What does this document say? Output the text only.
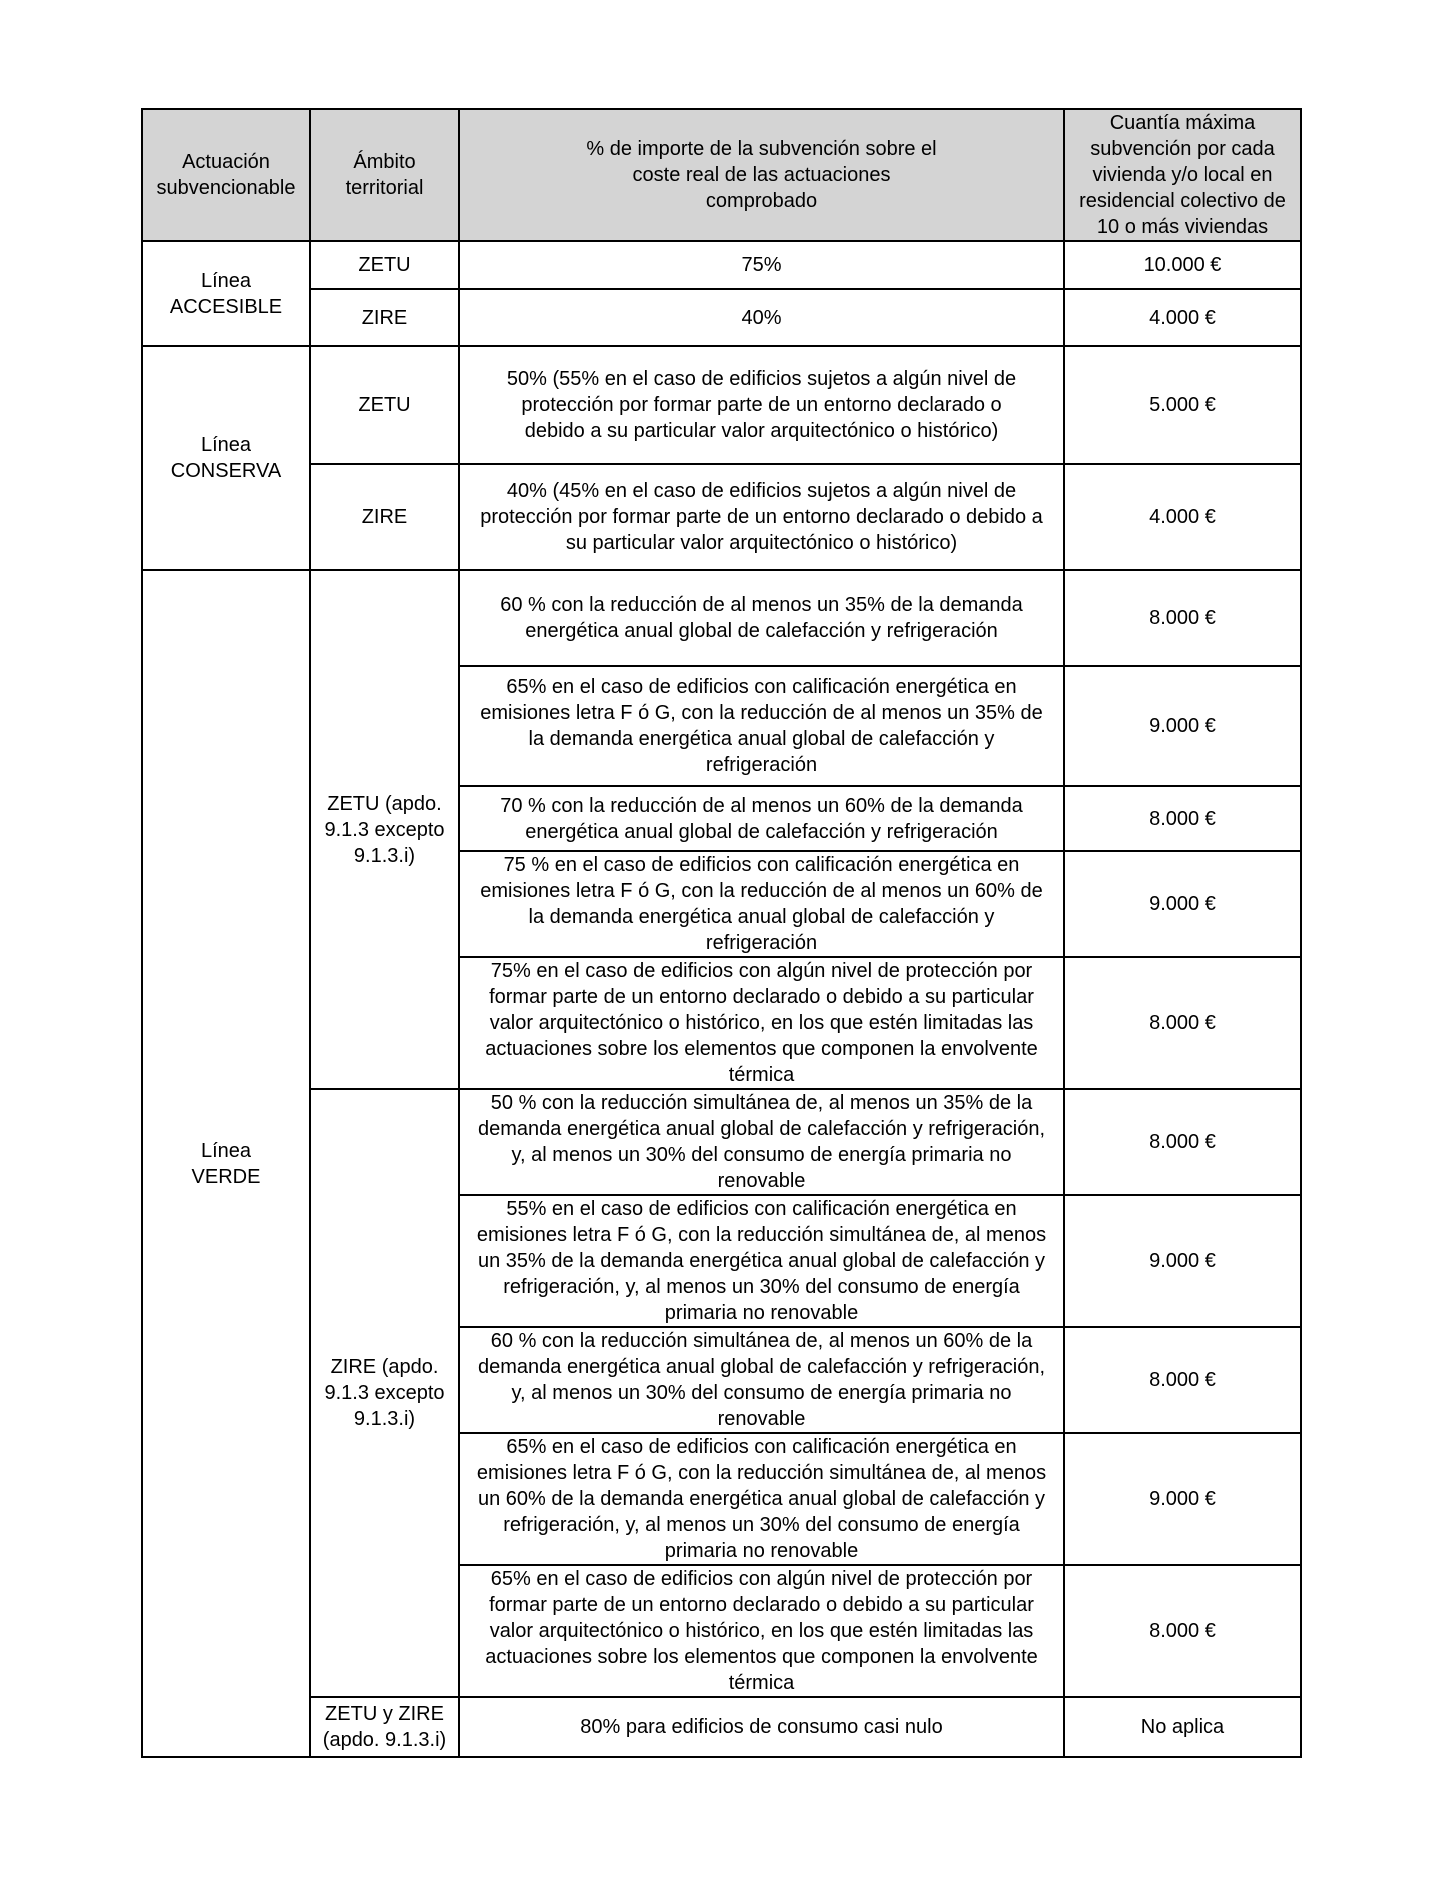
Actuación subvencionable	Ámbito territorial	% de importe de la subvención sobre el coste real de las actuaciones comprobado	Cuantía máxima subvención por cada vivienda y/o local en residencial colectivo de 10 o más viviendas
Línea ACCESIBLE	ZETU	75%	10.000 €
	ZIRE	40%	4.000 €
Línea CONSERVA	ZETU	50% (55% en el caso de edificios sujetos a algún nivel de protección por formar parte de un entorno declarado o debido a su particular valor arquitectónico o histórico)	5.000 €
	ZIRE	40% (45% en el caso de edificios sujetos a algún nivel de protección por formar parte de un entorno declarado o debido a su particular valor arquitectónico o histórico)	4.000 €
Línea VERDE	ZETU (apdo. 9.1.3 excepto 9.1.3.i)	60 % con la reducción de al menos un 35% de la demanda energética anual global de calefacción y refrigeración	8.000 €
		65% en el caso de edificios con calificación energética en emisiones letra F ó G, con la reducción de al menos un 35% de la demanda energética anual global de calefacción y refrigeración	9.000 €
		70 % con la reducción de al menos un 60% de la demanda energética anual global de calefacción y refrigeración	8.000 €
		75 % en el caso de edificios con calificación energética en emisiones letra F ó G, con la reducción de al menos un 60% de la demanda energética anual global de calefacción y refrigeración	9.000 €
		75% en el caso de edificios con algún nivel de protección por formar parte de un entorno declarado o debido a su particular valor arquitectónico o histórico, en los que estén limitadas las actuaciones sobre los elementos que componen la envolvente térmica	8.000 €
	ZIRE (apdo. 9.1.3 excepto 9.1.3.i)	50 % con la reducción simultánea de, al menos un 35% de la demanda energética anual global de calefacción y refrigeración, y, al menos un 30% del consumo de energía primaria no renovable	8.000 €
		55% en el caso de edificios con calificación energética en emisiones letra F ó G, con la reducción simultánea de, al menos un 35% de la demanda energética anual global de calefacción y refrigeración, y, al menos un 30% del consumo de energía primaria no renovable	9.000 €
		60 % con la reducción simultánea de, al menos un 60% de la demanda energética anual global de calefacción y refrigeración, y, al menos un 30% del consumo de energía primaria no renovable	8.000 €
		65% en el caso de edificios con calificación energética en emisiones letra F ó G, con la reducción simultánea de, al menos un 60% de la demanda energética anual global de calefacción y refrigeración, y, al menos un 30% del consumo de energía primaria no renovable	9.000 €
		65% en el caso de edificios con algún nivel de protección por formar parte de un entorno declarado o debido a su particular valor arquitectónico o histórico, en los que estén limitadas las actuaciones sobre los elementos que componen la envolvente térmica	8.000 €
	ZETU y ZIRE (apdo. 9.1.3.i)	80% para edificios de consumo casi nulo	No aplica
